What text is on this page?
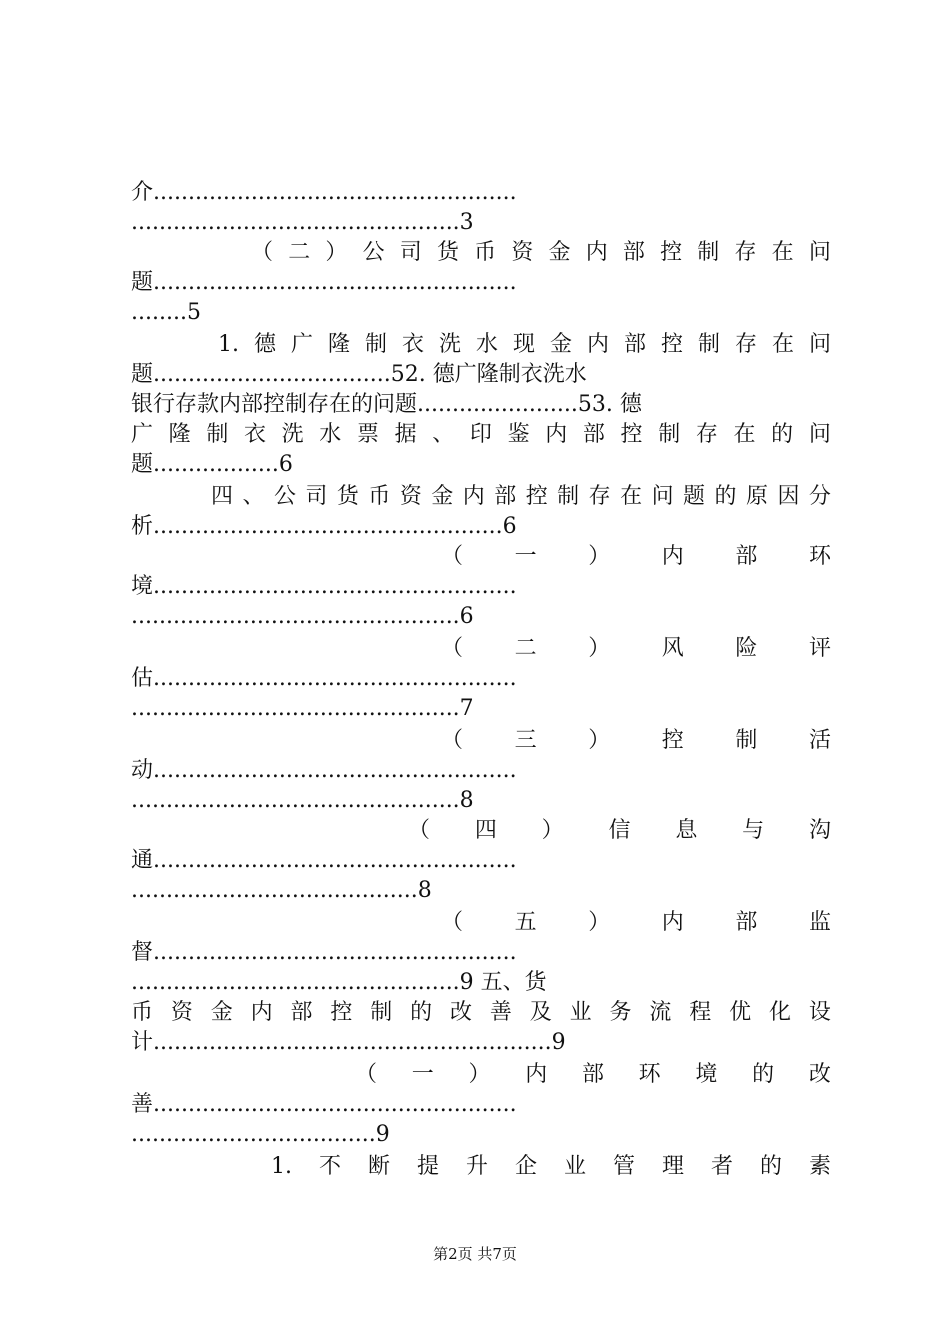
介....................................................
...............................................3
（ 二 ） 公 司 货 币 资 金 内 部 控 制 存 在 问
题....................................................
........5
1. 德 广 隆 制 衣 洗 水 现 金 内 部 控 制 存 在 问
题..................................52. 德广隆制衣洗水
银行存款内部控制存在的问题.......................53. 德
广 隆 制 衣 洗 水 票 据 、 印 鉴 内 部 控 制 存 在 的 问
题..................6
四 、 公 司 货 币 资 金 内 部 控 制 存 在 问 题 的 原 因 分
析..................................................6
（ 一 ） 内 部 环
境....................................................
...............................................6
（ 二 ） 风 险 评
估....................................................
...............................................7
（ 三 ） 控 制 活
动....................................................
...............................................8
（ 四 ） 信 息 与 沟
通....................................................
.........................................8
（ 五 ） 内 部 监
督....................................................
...............................................9 五、货
币 资 金 内 部 控 制 的 改 善 及 业 务 流 程 优 化 设
计.........................................................9
（ 一 ） 内 部 环 境 的 改
善....................................................
...................................9
1. 不 断 提 升 企 业 管 理 者 的 素
第2页 共7页
